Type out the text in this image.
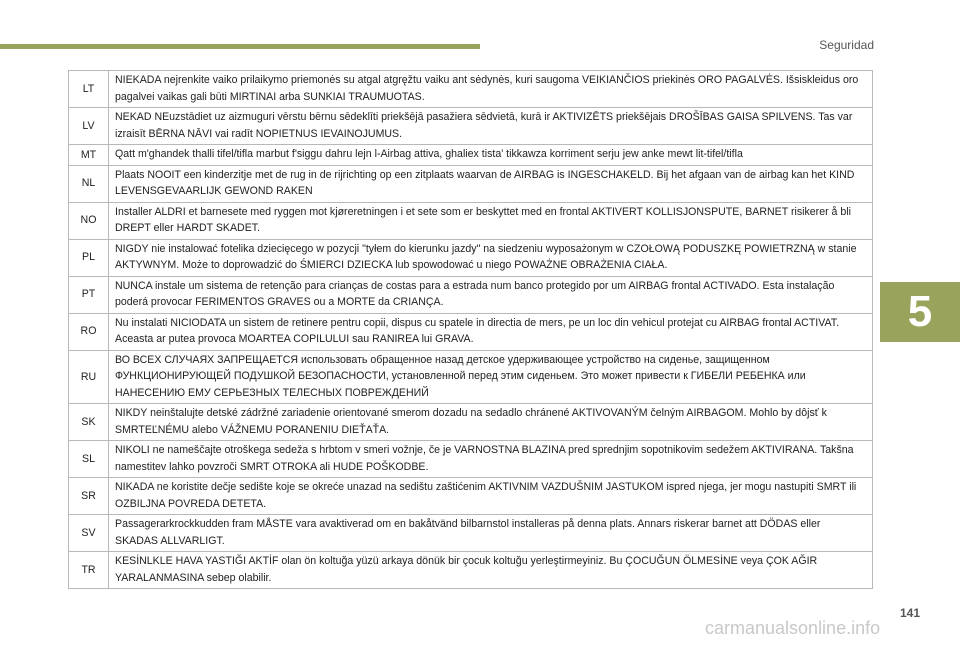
Seguridad
5
LT	NIEKADA nejrenkite vaiko prilaikymo priemonės su atgal atgręžtu vaiku ant sėdynės, kuri saugoma VEIKIANČIOS priekinės ORO PAGALVĖS. Išsiskleidus oro pagalvei vaikas gali būti MIRTINAI arba SUNKIAI TRAUMUOTAS.
LV	NEKAD NEuzstādiet uz aizmuguri vērstu bērnu sēdeklīti priekšējā pasažiera sēdvietā, kurā ir AKTIVIZĒTS priekšējais DROŠĪBAS GAISA SPILVENS. Tas var izraisīt BĒRNA NĀVI vai radīt NOPIETNUS IEVAINOJUMUS.
MT	Qatt m'ghandek thalli tifel/tifla marbut f'siggu dahru lejn l-Airbag attiva, ghaliex tista' tikkawza korriment serju jew anke mewt lit-tifel/tifla
NL	Plaats NOOIT een kinderzitje met de rug in de rijrichting op een zitplaats waarvan de AIRBAG is INGESCHAKELD. Bij het afgaan van de airbag kan het KIND LEVENSGEVAARLIJK GEWOND RAKEN
NO	Installer ALDRI et barnesete med ryggen mot kjøreretningen i et sete som er beskyttet med en frontal AKTIVERT KOLLISJONSPUTE, BARNET risikerer å bli DREPT eller HARDT SKADET.
PL	NIGDY nie instalować fotelika dziecięcego w pozycji "tyłem do kierunku jazdy" na siedzeniu wyposażonym w CZOŁOWĄ PODUSZKĘ POWIETRZNĄ w stanie AKTYWNYM. Może to doprowadzić do ŚMIERCI DZIECKA lub spowodować u niego POWAŻNE OBRAŻENIA CIAŁA.
PT	NUNCA instale um sistema de retenção para crianças de costas para a estrada num banco protegido por um AIRBAG frontal ACTIVADO. Esta instalação poderá provocar FERIMENTOS GRAVES ou a MORTE da CRIANÇA.
RO	Nu instalati NICIODATA un sistem de retinere pentru copii, dispus cu spatele in directia de mers, pe un loc din vehicul protejat cu AIRBAG frontal ACTIVAT. Aceasta ar putea provoca MOARTEA COPILULUI sau RANIREA lui GRAVA.
RU	ВО ВСЕХ СЛУЧАЯХ ЗАПРЕЩАЕТСЯ использовать обращенное назад детское удерживающее устройство на сиденье, защищенном ФУНКЦИОНИРУЮЩЕЙ ПОДУШКОЙ БЕЗОПАСНОСТИ, установленной перед этим сиденьем. Это может привести к ГИБЕЛИ РЕБЕНКА или НАНЕСЕНИЮ ЕМУ СЕРЬЕЗНЫХ ТЕЛЕСНЫХ ПОВРЕЖДЕНИЙ
SK	NIKDY neinštalujte detské zádržné zariadenie orientované smerom dozadu na sedadlo chránené AKTIVOVANÝM čelným AIRBAGOM. Mohlo by dôjsť k SMRTEĽNÉMU alebo VÁŽNEMU PORANENIU DIEŤAŤA.
SL	NIKOLI ne nameščajte otroškega sedeža s hrbtom v smeri vožnje, če je VARNOSTNA BLAZINA pred sprednjim sopotnikovim sedežem AKTIVIRANA. Takšna namestitev lahko povzroči SMRT OTROKA ali HUDE POŠKODBE.
SR	NIKADA ne koristite dečje sedište koje se okreće unazad na sedištu zaštićenim AKTIVNIM VAZDUŠNIM JASTUKOM ispred njega, jer mogu nastupiti SMRT ili OZBILJNA POVREDA DETETA.
SV	Passagerarkrockkudden fram MÅSTE vara avaktiverad om en bakåtvänd bilbarnstol installeras på denna plats. Annars riskerar barnet att DÖDAS eller SKADAS ALLVARLIGT.
TR	KESİNLKLE HAVA YASTIĞI AKTİF olan ön koltuğa yüzü arkaya dönük bir çocuk koltuğu yerleştirmeyiniz. Bu ÇOCUĞUN ÖLMESİNE veya ÇOK AĞIR YARALANMASINA sebep olabilir.
141
carmanualsonline.info
